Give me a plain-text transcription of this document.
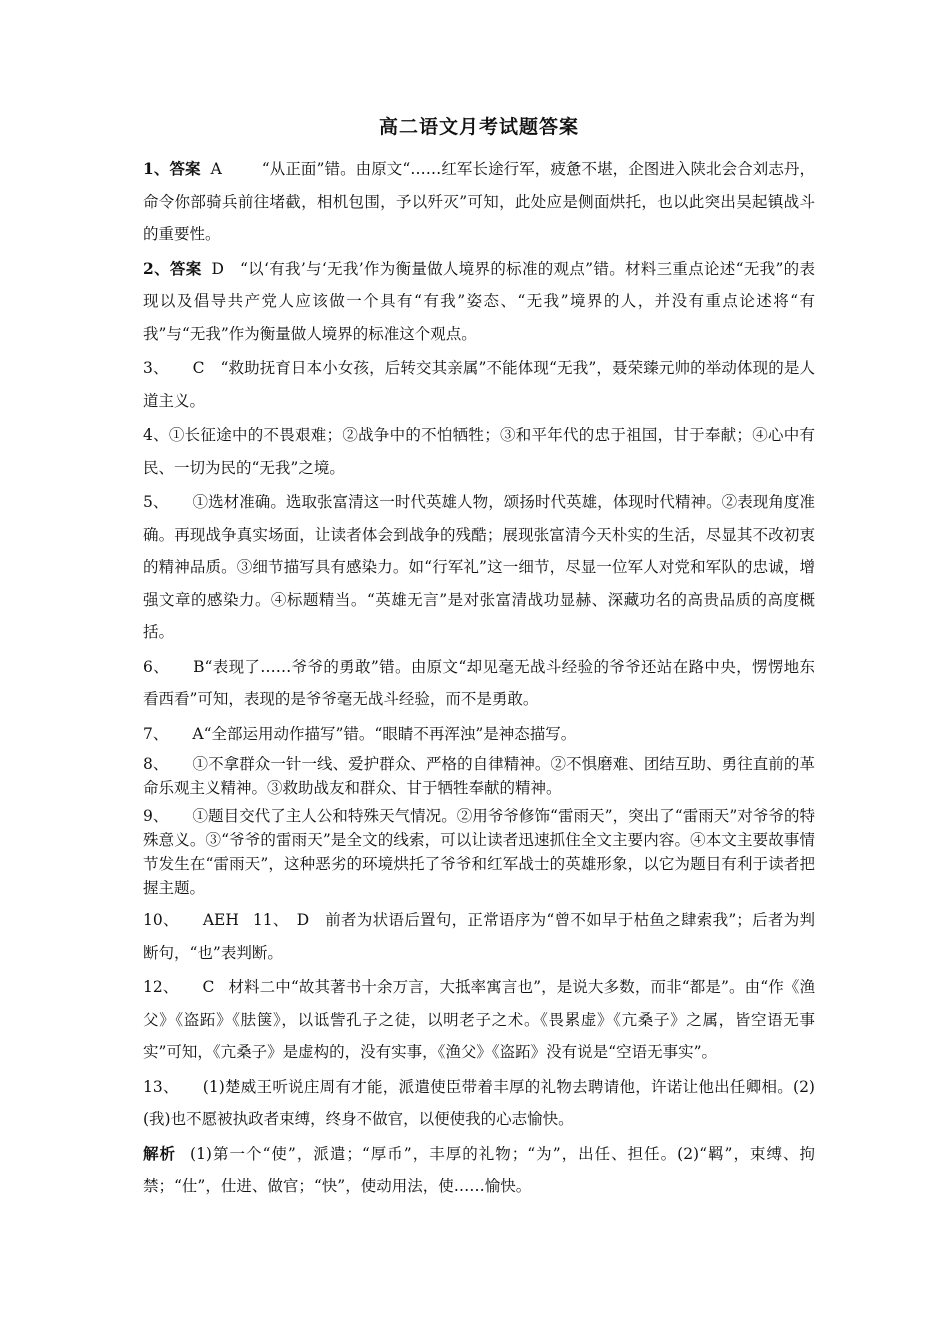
高二语文月考试题答案
1、答案 A	“从正面”错。由原文“……红军长途行军，疲惫不堪，企图进入陕北会合刘志丹，命令你部骑兵前往堵截，相机包围，予以歼灭”可知，此处应是侧面烘托，也以此突出吴起镇战斗的重要性。
2、答案 D “以‘有我’与‘无我’作为衡量做人境界的标准的观点”错。材料三重点论述“无我”的表现以及倡导共产党人应该做一个具有“有我”姿态、“无我”境界的人，并没有重点论述将“有我”与“无我”作为衡量做人境界的标准这个观点。
3、 C “救助抚育日本小女孩，后转交其亲属”不能体现“无我”，聂荣臻元帅的举动体现的是人道主义。
4、①长征途中的不畏艰难；②战争中的不怕牺牲；③和平年代的忠于祖国，甘于奉献；④心中有民、一切为民的“无我”之境。
5、 ①选材准确。选取张富清这一时代英雄人物，颂扬时代英雄，体现时代精神。②表现角度准确。再现战争真实场面，让读者体会到战争的残酷；展现张富清今天朴实的生活，尽显其不改初衷的精神品质。③细节描写具有感染力。如“行军礼”这一细节，尽显一位军人对党和军队的忠诚，增强文章的感染力。④标题精当。“英雄无言”是对张富清战功显赫、深藏功名的高贵品质的高度概括。
6、 B“表现了……爷爷的勇敢”错。由原文“却见毫无战斗经验的爷爷还站在路中央，愣愣地东看西看”可知，表现的是爷爷毫无战斗经验，而不是勇敢。
7、 A“全部运用动作描写”错。“眼睛不再浑浊”是神态描写。
8、 ①不拿群众一针一线、爱护群众、严格的自律精神。②不惧磨难、团结互助、勇往直前的革命乐观主义精神。③救助战友和群众、甘于牺牲奉献的精神。
9、 ①题目交代了主人公和特殊天气情况。②用爷爷修饰“雷雨天”，突出了“雷雨天”对爷爷的特殊意义。③“爷爷的雷雨天”是全文的线索，可以让读者迅速抓住全文主要内容。④本文主要故事情节发生在“雷雨天”，这种恶劣的环境烘托了爷爷和红军战士的英雄形象，以它为题目有利于读者把握主题。
10、 AEH 11、　D　前者为状语后置句，正常语序为“曾不如早于枯鱼之肆索我”；后者为判断句，“也”表判断。
12、 C 材料二中“故其著书十余万言，大抵率寓言也”，是说大多数，而非“都是”。由“作《渔父》《盗跖》《胠箧》，以诋訾孔子之徒，以明老子之术。《畏累虚》《亢桑子》之属，皆空语无事实”可知，《亢桑子》是虚构的，没有实事，《渔父》《盗跖》没有说是“空语无事实”。
13、 (1)楚威王听说庄周有才能，派遣使臣带着丰厚的礼物去聘请他，许诺让他出任卿相。(2)(我)也不愿被执政者束缚，终身不做官，以便使我的心志愉快。
解析 (1)第一个“使”，派遣；“厚币”，丰厚的礼物；“为”，出任、担任。(2)“羁”，束缚、拘禁；“仕”，仕进、做官；“快”，使动用法，使……愉快。
